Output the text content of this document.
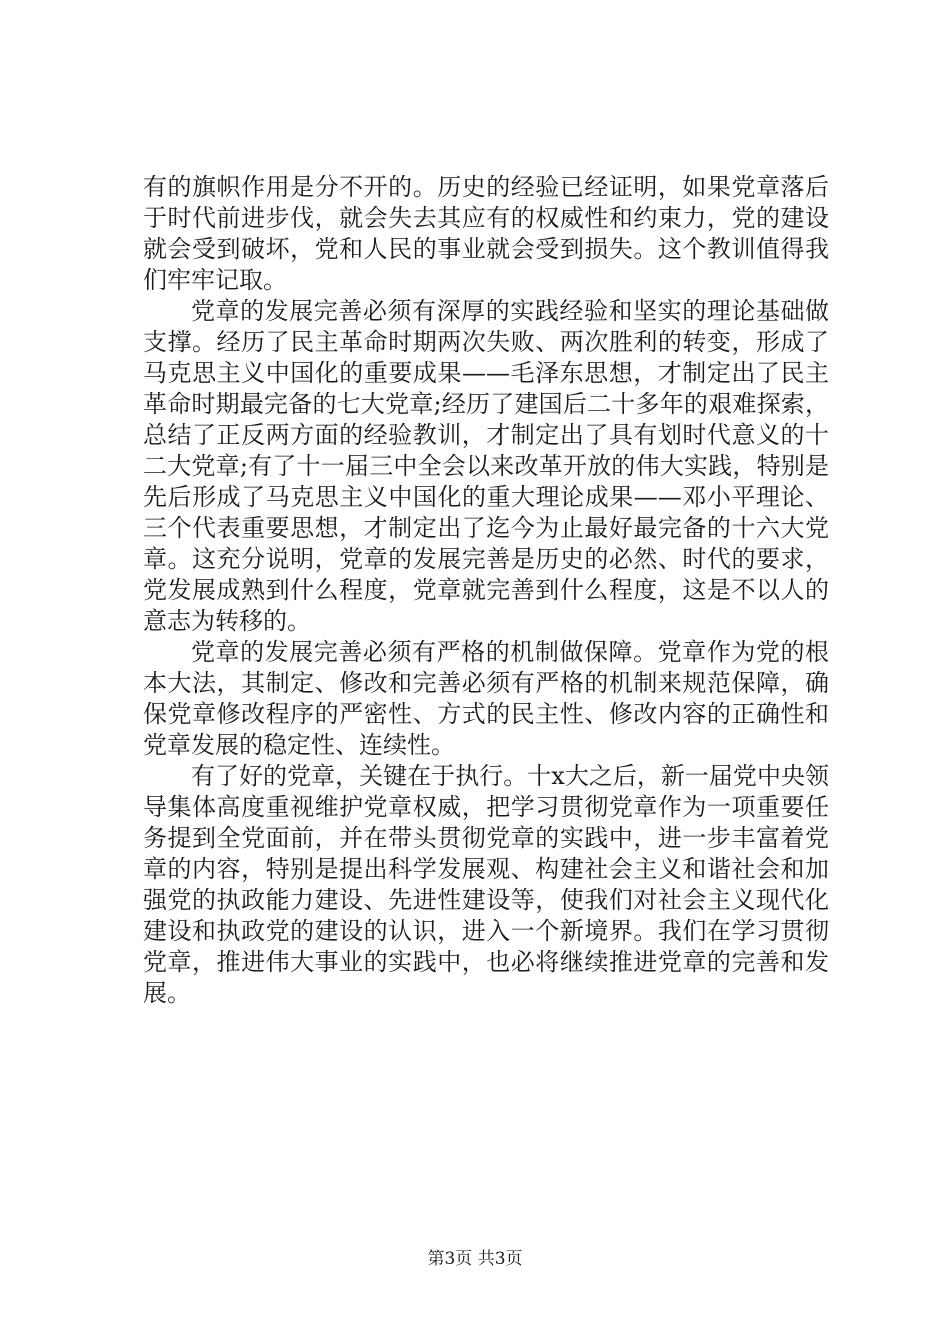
有的旗帜作用是分不开的。历史的经验已经证明，如果党章落后于时代前进步伐，就会失去其应有的权威性和约束力，党的建设就会受到破坏，党和人民的事业就会受到损失。这个教训值得我们牢牢记取。

党章的发展完善必须有深厚的实践经验和坚实的理论基础做支撑。经历了民主革命时期两次失败、两次胜利的转变，形成了马克思主义中国化的重要成果——毛泽东思想，才制定出了民主革命时期最完备的七大党章;经历了建国后二十多年的艰难探索，总结了正反两方面的经验教训，才制定出了具有划时代意义的十二大党章;有了十一届三中全会以来改革开放的伟大实践，特别是先后形成了马克思主义中国化的重大理论成果——邓小平理论、三个代表重要思想，才制定出了迄今为止最好最完备的十六大党章。这充分说明，党章的发展完善是历史的必然、时代的要求，党发展成熟到什么程度，党章就完善到什么程度，这是不以人的意志为转移的。

党章的发展完善必须有严格的机制做保障。党章作为党的根本大法，其制定、修改和完善必须有严格的机制来规范保障，确保党章修改程序的严密性、方式的民主性、修改内容的正确性和党章发展的稳定性、连续性。

有了好的党章，关键在于执行。十x大之后，新一届党中央领导集体高度重视维护党章权威，把学习贯彻党章作为一项重要任务提到全党面前，并在带头贯彻党章的实践中，进一步丰富着党章的内容，特别是提出科学发展观、构建社会主义和谐社会和加强党的执政能力建设、先进性建设等，使我们对社会主义现代化建设和执政党的建设的认识，进入一个新境界。我们在学习贯彻党章，推进伟大事业的实践中，也必将继续推进党章的完善和发展。

第3页 共3页
